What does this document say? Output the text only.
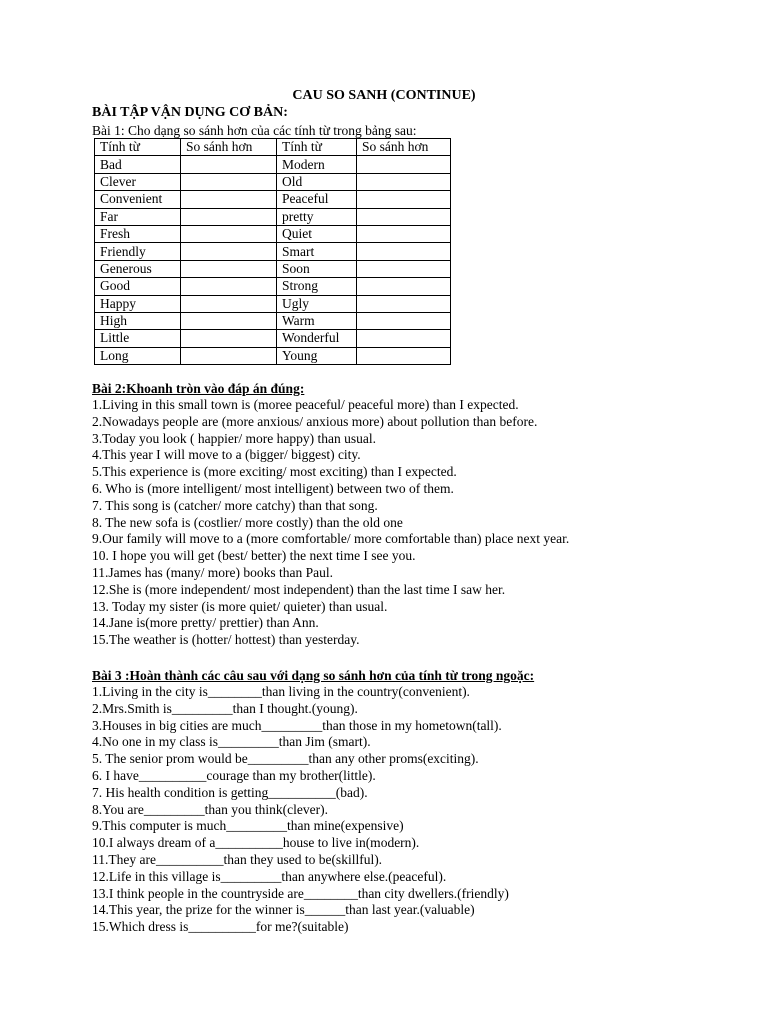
CAU SO SANH (CONTINUE)
BÀI TẬP VẬN DỤNG CƠ BẢN:
Bài 1: Cho dạng so sánh hơn của các tính từ trong bảng sau:
Tính từ	So sánh hơn	Tính từ	So sánh hơn
Bad		Modern	
Clever		Old	
Convenient		Peaceful	
Far		pretty	
Fresh		Quiet	
Friendly		Smart	
Generous		Soon	
Good		Strong	
Happy		Ugly	
High		Warm	
Little		Wonderful	
Long		Young	
Bài 2:Khoanh tròn vào đáp án đúng:
1.Living in this small town is (moree peaceful/ peaceful more) than I expected.
2.Nowadays people are (more anxious/ anxious more) about pollution than before.
3.Today you look ( happier/ more happy) than usual.
4.This year I will move to a (bigger/ biggest) city.
5.This experience is (more exciting/ most exciting) than I expected.
6. Who is (more intelligent/ most intelligent) between two of them.
7. This song is (catcher/ more catchy) than that song.
8. The new sofa is (costlier/ more costly) than the old one
9.Our family will move to a (more comfortable/ more comfortable than) place next year.
10. I hope you will get (best/ better) the next time I see you.
11.James has (many/ more) books than Paul.
12.She is (more independent/ most independent) than the last time I saw her.
13. Today my sister (is more quiet/ quieter) than usual.
14.Jane is(more pretty/ prettier) than Ann.
15.The weather is (hotter/ hottest) than yesterday.
Bài 3 :Hoàn thành các câu sau với dạng so sánh hơn của tính từ trong ngoặc:
1.Living in the city is________than living in the country(convenient).
2.Mrs.Smith is_________than I thought.(young).
3.Houses in big cities are much_________than those in my hometown(tall).
4.No one in my class is_________than Jim (smart).
5. The senior prom would be_________than any other proms(exciting).
6. I have__________courage than my brother(little).
7. His health condition is getting__________(bad).
8.You are_________than you think(clever).
9.This computer is much_________than mine(expensive)
10.I always dream of a__________house to live in(modern).
11.They are__________than they used to be(skillful).
12.Life in this village is_________than anywhere else.(peaceful).
13.I think people in the countryside are________than city dwellers.(friendly)
14.This year, the prize for the winner is______than last year.(valuable)
15.Which dress is__________for me?(suitable)
